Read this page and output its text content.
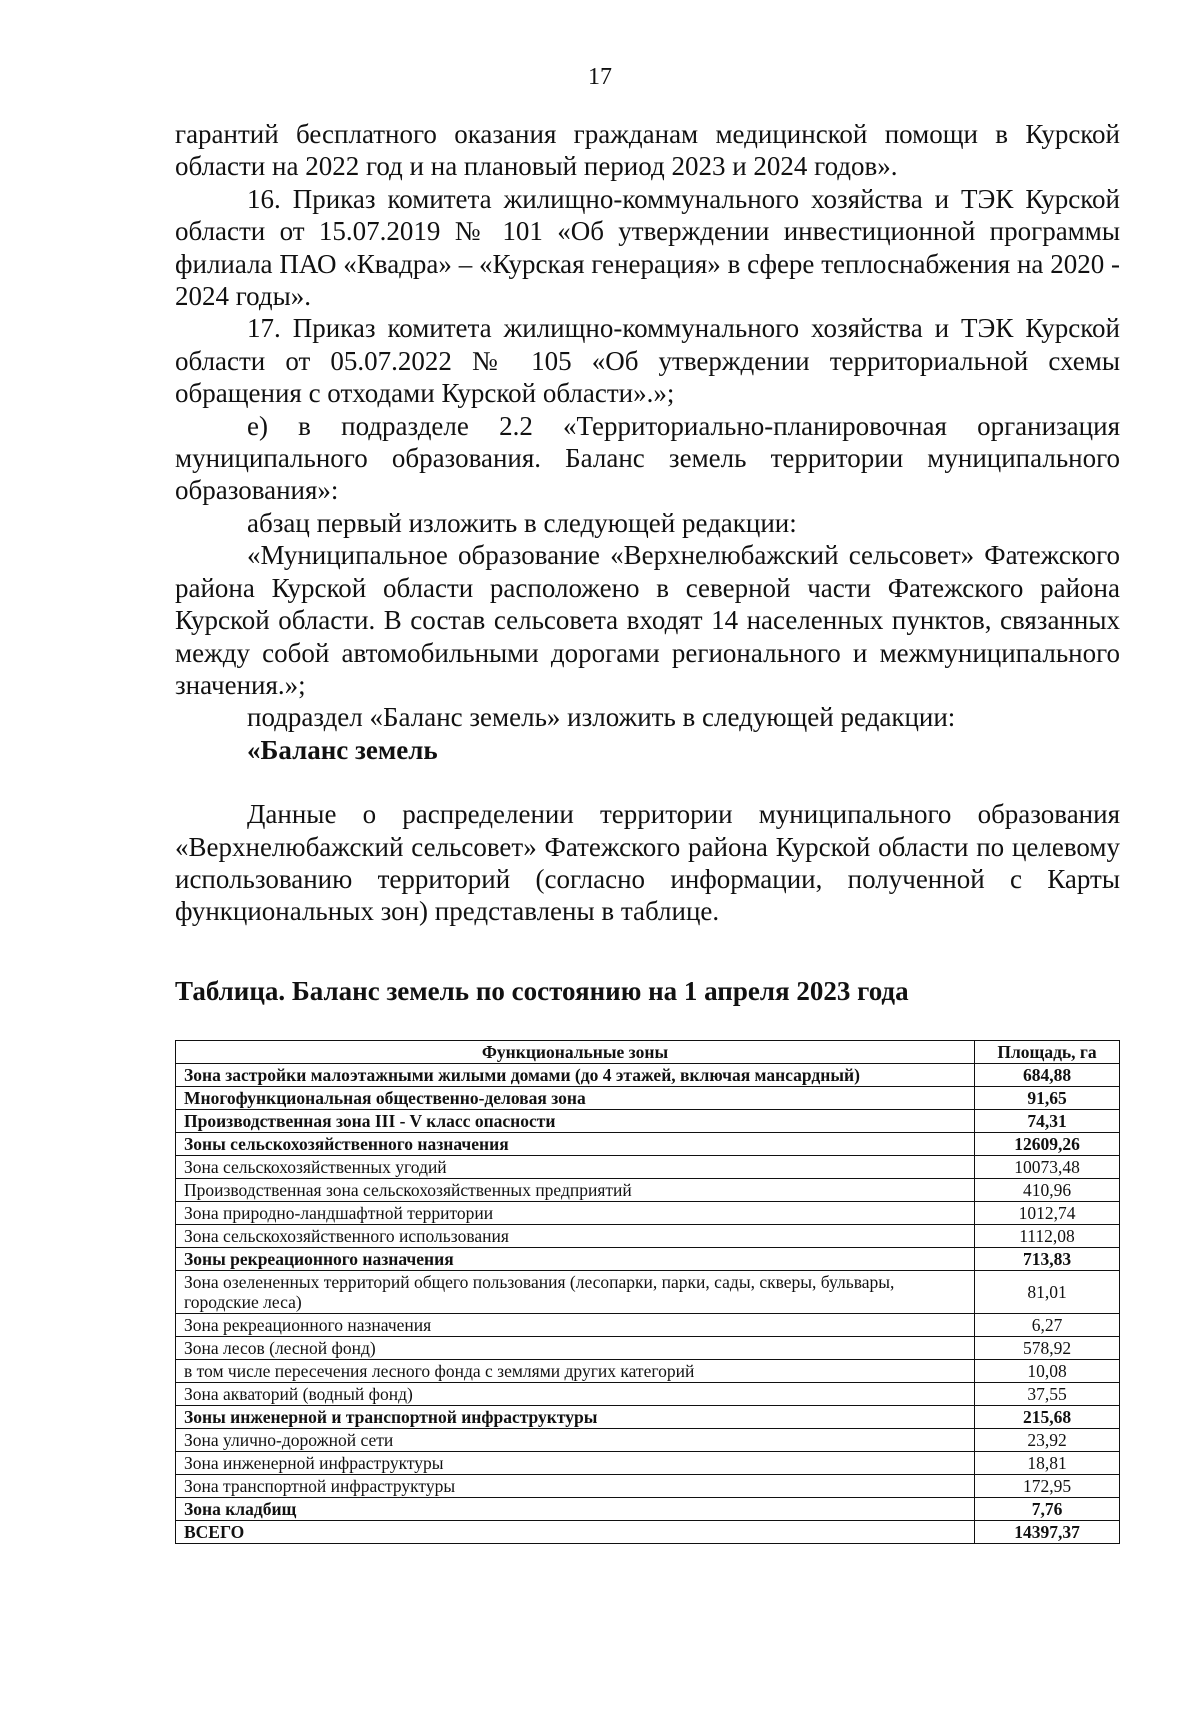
17

гарантий бесплатного оказания гражданам медицинской помощи в Курской области на 2022 год и на плановый период 2023 и 2024 годов».

16. Приказ комитета жилищно-коммунального хозяйства и ТЭК Курской области от 15.07.2019 № 101 «Об утверждении инвестиционной программы филиала ПАО «Квадра» – «Курская генерация» в сфере теплоснабжения на 2020 - 2024 годы».

17. Приказ комитета жилищно-коммунального хозяйства и ТЭК Курской области от 05.07.2022 № 105 «Об утверждении территориальной схемы обращения с отходами Курской области».»;

е) в подразделе 2.2 «Территориально-планировочная организация муниципального образования. Баланс земель территории муниципального образования»:

абзац первый изложить в следующей редакции:

«Муниципальное образование «Верхнелюбажский сельсовет» Фатежского района Курской области расположено в северной части Фатежского района Курской области. В состав сельсовета входят 14 населенных пунктов, связанных между собой автомобильными дорогами регионального и межмуниципального значения.»;

подраздел «Баланс земель» изложить в следующей редакции:

«Баланс земель

Данные о распределении территории муниципального образования «Верхнелюбажский сельсовет» Фатежского района Курской области по целевому использованию территорий (согласно информации, полученной с Карты функциональных зон) представлены в таблице.

Таблица. Баланс земель по состоянию на 1 апреля 2023 года
Функциональные зоны	Площадь, га
Зона застройки малоэтажными жилыми домами (до 4 этажей, включая мансардный)	684,88
Многофункциональная общественно-деловая зона	91,65
Производственная зона III - V класс опасности	74,31
Зоны сельскохозяйственного назначения	12609,26
Зона сельскохозяйственных угодий	10073,48
Производственная зона сельскохозяйственных предприятий	410,96
Зона природно-ландшафтной территории	1012,74
Зона сельскохозяйственного использования	1112,08
Зоны рекреационного назначения	713,83
Зона озелененных территорий общего пользования (лесопарки, парки, сады, скверы, бульвары, городские леса)	81,01
Зона рекреационного назначения	6,27
Зона лесов (лесной фонд)	578,92
в том числе пересечения лесного фонда с землями других категорий	10,08
Зона акваторий (водный фонд)	37,55
Зоны инженерной и транспортной инфраструктуры	215,68
Зона улично-дорожной сети	23,92
Зона инженерной инфраструктуры	18,81
Зона транспортной инфраструктуры	172,95
Зона кладбищ	7,76
ВСЕГО	14397,37
